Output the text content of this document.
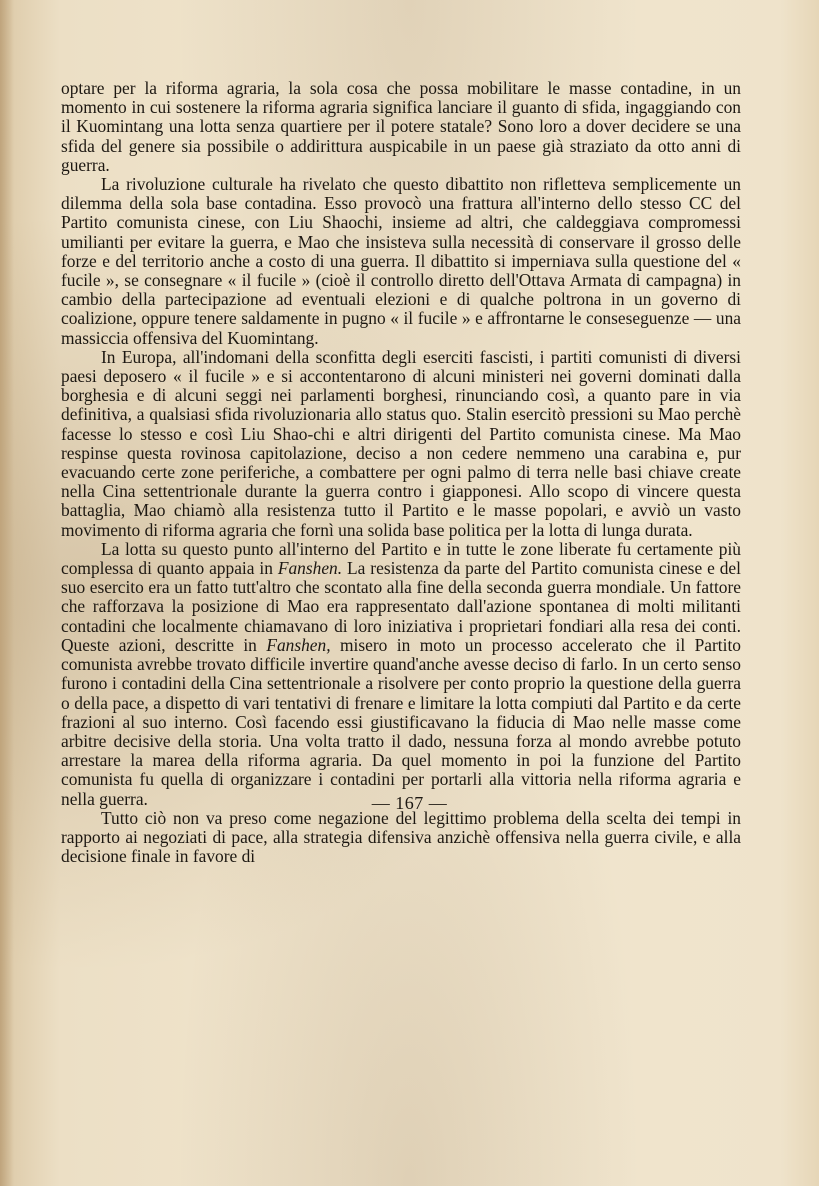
optare per la riforma agraria, la sola cosa che possa mobilitare le masse contadine, in un momento in cui sostenere la riforma agraria significa lanciare il guanto di sfida, ingaggiando con il Kuomintang una lotta senza quartiere per il potere statale? Sono loro a dover decidere se una sfida del genere sia possibile o addirittura auspicabile in un paese già straziato da otto anni di guerra.

La rivoluzione culturale ha rivelato che questo dibattito non rifletteva semplicemente un dilemma della sola base contadina. Esso provocò una frattura all'interno dello stesso CC del Partito comunista cinese, con Liu Shaochi, insieme ad altri, che caldeggiava compromessi umilianti per evitare la guerra, e Mao che insisteva sulla necessità di conservare il grosso delle forze e del territorio anche a costo di una guerra. Il dibattito si imperniava sulla questione del « fucile », se consegnare « il fucile » (cioè il controllo diretto dell'Ottava Armata di campagna) in cambio della partecipazione ad eventuali elezioni e di qualche poltrona in un governo di coalizione, oppure tenere saldamente in pugno « il fucile » e affrontarne le conseseguenze — una massiccia offensiva del Kuomintang.

In Europa, all'indomani della sconfitta degli eserciti fascisti, i partiti comunisti di diversi paesi deposero « il fucile » e si accontentarono di alcuni ministeri nei governi dominati dalla borghesia e di alcuni seggi nei parlamenti borghesi, rinunciando così, a quanto pare in via definitiva, a qualsiasi sfida rivoluzionaria allo status quo. Stalin esercitò pressioni su Mao perchè facesse lo stesso e così Liu Shao-chi e altri dirigenti del Partito comunista cinese. Ma Mao respinse questa rovinosa capitolazione, deciso a non cedere nemmeno una carabina e, pur evacuando certe zone periferiche, a combattere per ogni palmo di terra nelle basi chiave create nella Cina settentrionale durante la guerra contro i giapponesi. Allo scopo di vincere questa battaglia, Mao chiamò alla resistenza tutto il Partito e le masse popolari, e avviò un vasto movimento di riforma agraria che fornì una solida base politica per la lotta di lunga durata.

La lotta su questo punto all'interno del Partito e in tutte le zone liberate fu certamente più complessa di quanto appaia in Fanshen. La resistenza da parte del Partito comunista cinese e del suo esercito era un fatto tutt'altro che scontato alla fine della seconda guerra mondiale. Un fattore che rafforzava la posizione di Mao era rappresentato dall'azione spontanea di molti militanti contadini che localmente chiamavano di loro iniziativa i proprietari fondiari alla resa dei conti. Queste azioni, descritte in Fanshen, misero in moto un processo accelerato che il Partito comunista avrebbe trovato difficile invertire quand'anche avesse deciso di farlo. In un certo senso furono i contadini della Cina settentrionale a risolvere per conto proprio la questione della guerra o della pace, a dispetto di vari tentativi di frenare e limitare la lotta compiuti dal Partito e da certe frazioni al suo interno. Così facendo essi giustificavano la fiducia di Mao nelle masse come arbitre decisive della storia. Una volta tratto il dado, nessuna forza al mondo avrebbe potuto arrestare la marea della riforma agraria. Da quel momento in poi la funzione del Partito comunista fu quella di organizzare i contadini per portarli alla vittoria nella riforma agraria e nella guerra.

Tutto ciò non va preso come negazione del legittimo problema della scelta dei tempi in rapporto ai negoziati di pace, alla strategia difensiva anzichè offensiva nella guerra civile, e alla decisione finale in favore di

— 167 —
